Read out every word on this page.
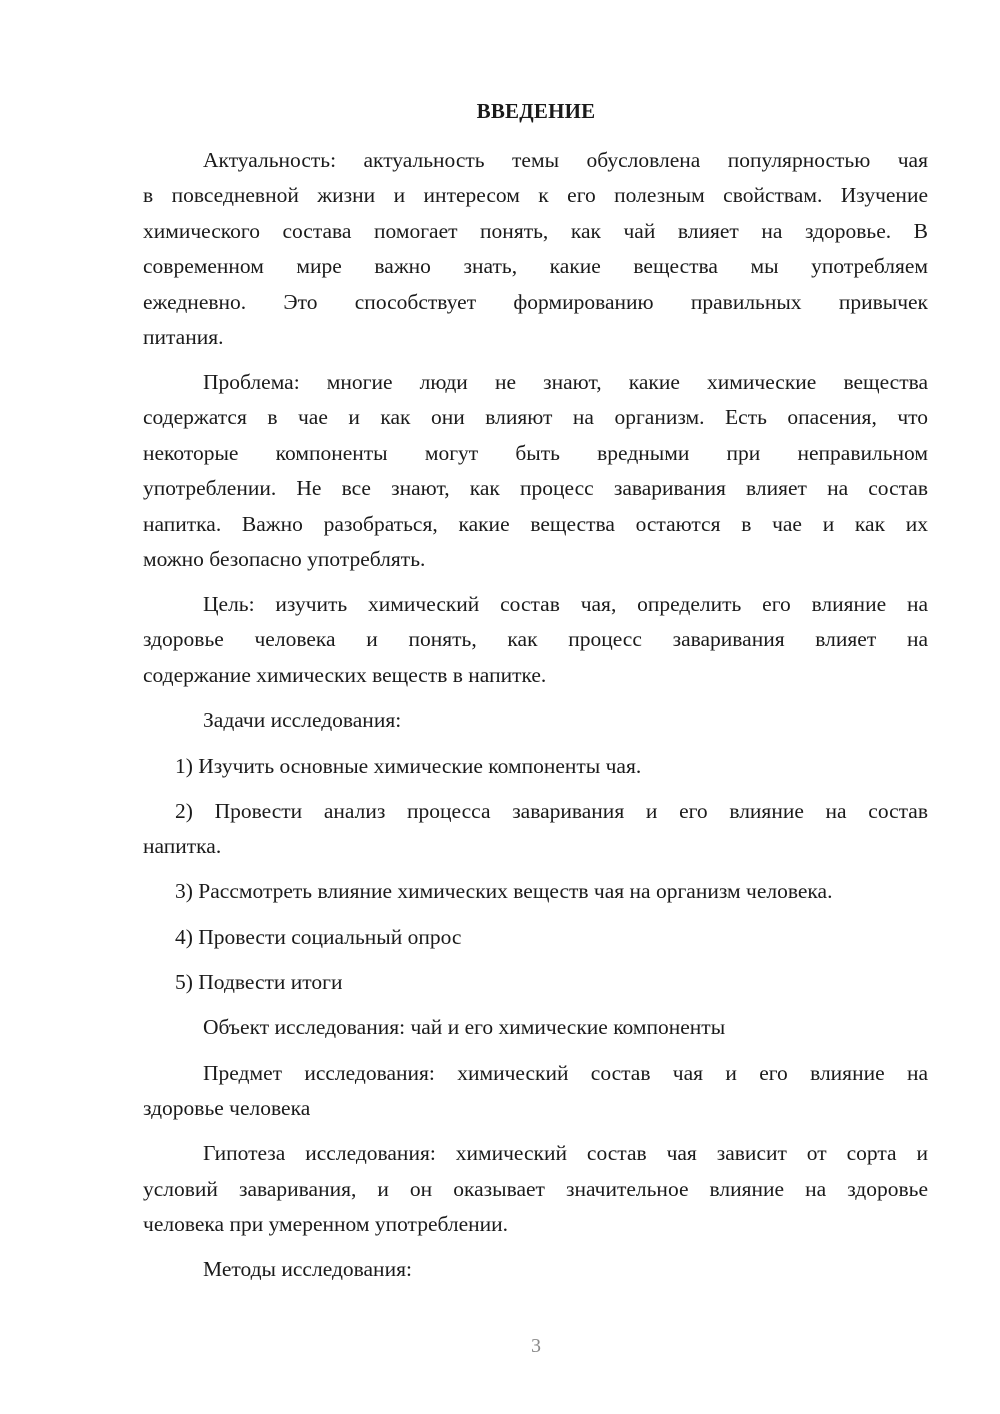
ВВЕДЕНИЕ
Актуальность: актуальность темы обусловлена популярностью чая
в повседневной жизни и интересом к его полезным свойствам. Изучение
химического состава помогает понять, как чай влияет на здоровье. В
современном мире важно знать, какие вещества мы употребляем
ежедневно. Это способствует формированию правильных привычек
питания.
Проблема: многие люди не знают, какие химические вещества
содержатся в чае и как они влияют на организм. Есть опасения, что
некоторые компоненты могут быть вредными при неправильном
употреблении. Не все знают, как процесс заваривания влияет на состав
напитка. Важно разобраться, какие вещества остаются в чае и как их
можно безопасно употреблять.
Цель: изучить химический состав чая, определить его влияние на
здоровье человека и понять, как процесс заваривания влияет на
содержание химических веществ в напитке.
Задачи исследования:
1) Изучить основные химические компоненты чая.
2) Провести анализ процесса заваривания и его влияние на состав
напитка.
3) Рассмотреть влияние химических веществ чая на организм человека.
4) Провести социальный опрос
5) Подвести итоги
Объект исследования: чай и его химические компоненты
Предмет исследования: химический состав чая и его влияние на
здоровье человека
Гипотеза исследования: химический состав чая зависит от сорта и
условий заваривания, и он оказывает значительное влияние на здоровье
человека при умеренном употреблении.
Методы исследования:
3
